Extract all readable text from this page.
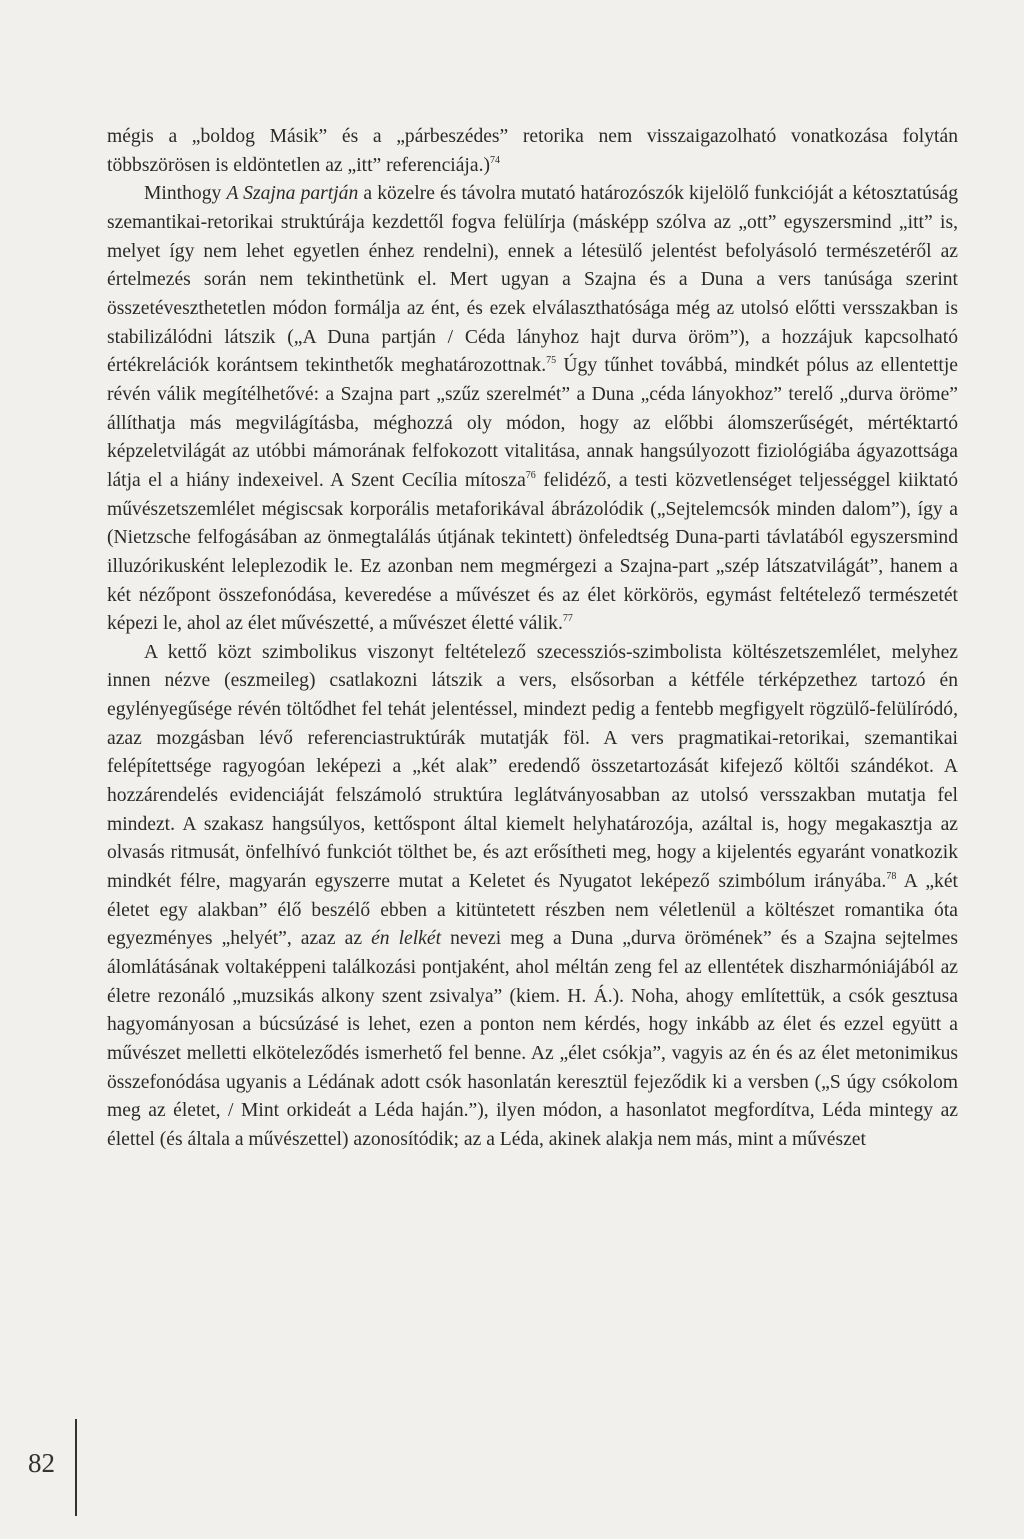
mégis a „boldog Másik” és a „párbeszédes” retorika nem visszaigazolható vonatkozása folytán többszörösen is eldöntetlen az „itt” referenciája.)$^{74}$

Minthogy A Szajna partján a közelre és távolra mutató határozószók kijelölő funkcióját a kétosztatúság szemantikai-retorikai struktúrája kezdettől fogva felülírja (másképp szólva az „ott” egyszersmind „itt” is, melyet így nem lehet egyetlen énhez rendelni), ennek a létesülő jelentést befolyásoló természetéről az értelmezés során nem tekinthetünk el. Mert ugyan a Szajna és a Duna a vers tanúsága szerint összetéveszthetetlen módon formálja az ént, és ezek elválaszthatósága még az utolsó előtti versszakban is stabilizálódni látszik („A Duna partján / Céda lányhoz hajt durva öröm”), a hozzájuk kapcsolható értékrelációk korántsem tekinthetők meghatározottnak.$^{75}$ Úgy tűnhet továbbá, mindkét pólus az ellentettje révén válik megítélhetővé: a Szajna part „szűz szerelmét” a Duna „céda lányokhoz” terelő „durva öröme” állíthatja más megvilágításba, méghozzá oly módon, hogy az előbbi álomszerűségét, mértéktartó képzeletvilágát az utóbbi mámorának felfokozott vitalitása, annak hangsúlyozott fiziológiába ágyazottsága látja el a hiány indexeivel. A Szent Cecília mítosza$^{76}$ felidéző, a testi közvetlenséget teljességgel kiiktató művészetszemlélet mégiscsak korporális metaforikával ábrázolódik („Sejtelemcsók minden dalom”), így a (Nietzsche felfogásában az önmegtalálás útjának tekintett) önfeledtség Duna-parti távlatából egyszersmind illuzórikusként leleplezodik le. Ez azonban nem megmérgezi a Szajna-part „szép látszatvilágát”, hanem a két nézőpont összefonódása, keveredése a művészet és az élet körkörös, egymást feltételező természetét képezi le, ahol az élet művészetté, a művészet életté válik.$^{77}$

A kettő közt szimbolikus viszonyt feltételező szecessziós-szimbolista költészetszemlélet, melyhez innen nézve (eszmeileg) csatlakozni látszik a vers, elsősorban a kétféle térképzethez tartozó én egylényegűsége révén töltődhet fel tehát jelentéssel, mindezt pedig a fentebb megfigyelt rögzülő-felülíródó, azaz mozgásban lévő referenciastruktúrák mutatják föl. A vers pragmatikai-retorikai, szemantikai felépítettsége ragyogóan leképezi a „két alak” eredendő összetartozását kifejező költői szándékot. A hozzárendelés evidenciáját felszámoló struktúra leglátványosabban az utolsó versszakban mutatja fel mindezt. A szakasz hangsúlyos, kettőspont által kiemelt helyhatározója, azáltal is, hogy megakasztja az olvasás ritmusát, önfelhívó funkciót tölthet be, és azt erősítheti meg, hogy a kijelentés egyaránt vonatkozik mindkét félre, magyarán egyszerre mutat a Keletet és Nyugatot leképező szimbólum irányába.$^{78}$ A „két életet egy alakban” élő beszélő ebben a kitüntetett részben nem véletlenül a költészet romantika óta egyezményes „helyét”, azaz az én lelkét nevezi meg a Duna „durva örömének” és a Szajna sejtelmes álomlátásának voltaképpeni találkozási pontjaként, ahol méltán zeng fel az ellentétek diszharmóniájából az életre rezonáló „muzsikás alkony szent zsivalya” (kiem. H. Á.). Noha, ahogy említettük, a csók gesztusa hagyományosan a búcsúzásé is lehet, ezen a ponton nem kérdés, hogy inkább az élet és ezzel együtt a művészet melletti elköteleződés ismerhető fel benne. Az „élet csókja”, vagyis az én és az élet metonimikus összefonódása ugyanis a Lédának adott csók hasonlatán keresztül fejeződik ki a versben („S úgy csókolom meg az életet, / Mint orkideát a Léda haján.”), ilyen módon, a hasonlatot megfordítva, Léda mintegy az élettel (és általa a művészettel) azonosítódik; az a Léda, akinek alakja nem más, mint a művészet

82
